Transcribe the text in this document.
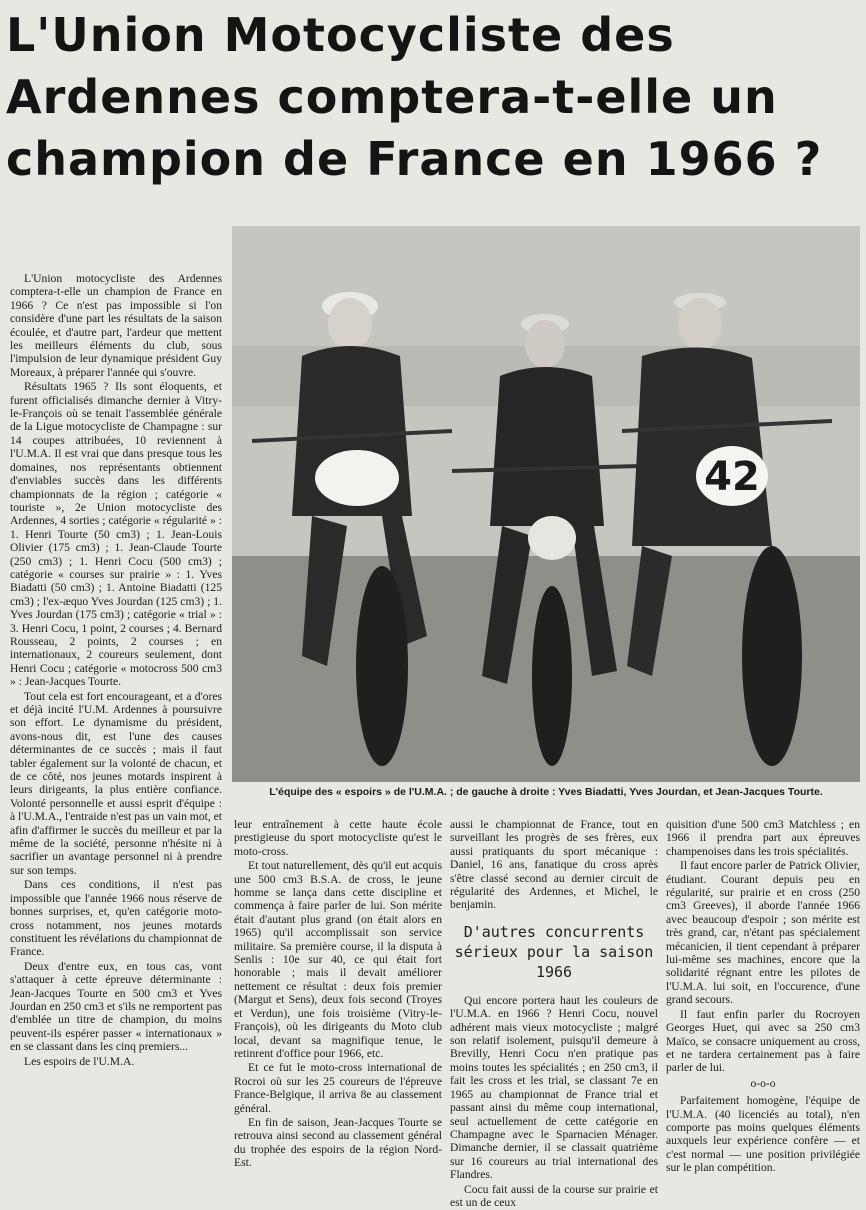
L'Union Motocycliste des Ardennes comptera-t-elle un champion de France en 1966 ?
42
L'équipe des « espoirs » de l'U.M.A. ; de gauche à droite : Yves Biadatti, Yves Jourdan, et Jean-Jacques Tourte.

L'Union motocycliste des Ardennes comptera-t-elle un champion de France en 1966 ? Ce n'est pas impossible si l'on considère d'une part les résultats de la saison écoulée, et d'autre part, l'ardeur que mettent les meilleurs éléments du club, sous l'impulsion de leur dynamique président Guy Moreaux, à préparer l'année qui s'ouvre.

Résultats 1965 ? Ils sont éloquents, et furent officialisés dimanche dernier à Vitry-le-François où se tenait l'assemblée générale de la Ligue motocycliste de Champagne : sur 14 coupes attribuées, 10 reviennent à l'U.M.A. Il est vrai que dans presque tous les domaines, nos représentants obtiennent d'enviables succès dans les différents championnats de la région ; catégorie « touriste », 2e Union motocycliste des Ardennes, 4 sorties ; catégorie « régularité » : 1. Henri Tourte (50 cm3) ; 1. Jean-Louis Olivier (175 cm3) ; 1. Jean-Claude Tourte (250 cm3) ; 1. Henri Cocu (500 cm3) ; catégorie « courses sur prairie » : 1. Yves Biadatti (50 cm3) ; 1. Antoine Biadatti (125 cm3) ; l'ex-æquo Yves Jourdan (125 cm3) ; 1. Yves Jourdan (175 cm3) ; catégorie « trial » : 3. Henri Cocu, 1 point, 2 courses ; 4. Bernard Rousseau, 2 points, 2 courses ; en internationaux, 2 coureurs seulement, dont Henri Cocu ; catégorie « motocross 500 cm3 » : Jean-Jacques Tourte.

Tout cela est fort encourageant, et a d'ores et déjà incité l'U.M. Ardennes à poursuivre son effort. Le dynamisme du président, avons-nous dit, est l'une des causes déterminantes de ce succès ; mais il faut tabler également sur la volonté de chacun, et de ce côté, nos jeunes motards inspirent à leurs dirigeants, la plus entière confiance. Volonté personnelle et aussi esprit d'équipe : à l'U.M.A., l'entraide n'est pas un vain mot, et afin d'affirmer le succès du meilleur et par la même de la société, personne n'hésite ni à sacrifier un avantage personnel ni à prendre sur son temps.

Dans ces conditions, il n'est pas impossible que l'année 1966 nous réserve de bonnes surprises, et, qu'en catégorie moto-cross notamment, nos jeunes motards constituent les révélations du championnat de France.

Deux d'entre eux, en tous cas, vont s'attaquer à cette épreuve déterminante : Jean-Jacques Tourte en 500 cm3 et Yves Jourdan en 250 cm3 et s'ils ne remportent pas d'emblée un titre de champion, du moins peuvent-ils espérer passer « internationaux » en se classant dans les cinq premiers...

Les espoirs de l'U.M.A.

leur entraînement à cette haute école prestigieuse du sport motocycliste qu'est le moto-cross.

Et tout naturellement, dès qu'il eut acquis une 500 cm3 B.S.A. de cross, le jeune homme se lança dans cette discipline et commença à faire parler de lui. Son mérite était d'autant plus grand (on était alors en 1965) qu'il accomplissait son service militaire. Sa première course, il la disputa à Senlis : 10e sur 40, ce qui était fort honorable ; mais il devait améliorer nettement ce résultat : deux fois premier (Margut et Sens), deux fois second (Troyes et Verdun), une fois troisième (Vitry-le-François), où les dirigeants du Moto club local, devant sa magnifique tenue, le retinrent d'office pour 1966, etc.

Et ce fut le moto-cross international de Rocroi où sur les 25 coureurs de l'épreuve France-Belgique, il arriva 8e au classement général.

En fin de saison, Jean-Jacques Tourte se retrouva ainsi second au classement général du trophée des espoirs de la région Nord-Est.

aussi le championnat de France, tout en surveillant les progrès de ses frères, eux aussi pratiquants du sport mécanique : Daniel, 16 ans, fanatique du cross après s'être classé second au dernier circuit de régularité des Ardennes, et Michel, le benjamin.

D'autres concurrents sérieux pour la saison 1966

Qui encore portera haut les couleurs de l'U.M.A. en 1966 ? Henri Cocu, nouvel adhérent mais vieux motocycliste ; malgré son relatif isolement, puisqu'il demeure à Brevilly, Henri Cocu n'en pratique pas moins toutes les spécialités ; en 250 cm3, il fait les cross et les trial, se classant 7e en 1965 au championnat de France trial et passant ainsi du même coup international, seul actuellement de cette catégorie en Champagne avec le Sparnacien Ménager. Dimanche dernier, il se classait quatrième sur 16 coureurs au trial international des Flandres.

Cocu fait aussi de la course sur prairie et est un de ceux

quisition d'une 500 cm3 Matchless ; en 1966 il prendra part aux épreuves champenoises dans les trois spécialités.

Il faut encore parler de Patrick Olivier, étudiant. Courant depuis peu en régularité, sur prairie et en cross (250 cm3 Greeves), il aborde l'année 1966 avec beaucoup d'espoir ; son mérite est très grand, car, n'étant pas spécialement mécanicien, il tient cependant à préparer lui-même ses machines, encore que la solidarité régnant entre les pilotes de l'U.M.A. lui soit, en l'occurence, d'une grand secours.

Il faut enfin parler du Rocroyen Georges Huet, qui avec sa 250 cm3 Maïco, se consacre uniquement au cross, et ne tardera certainement pas à faire parler de lui.

o-o-o

Parfaitement homogène, l'équipe de l'U.M.A. (40 licenciés au total), n'en comporte pas moins quelques éléments auxquels leur expérience confère — et c'est normal — une position privilégiée sur le plan compétition.
